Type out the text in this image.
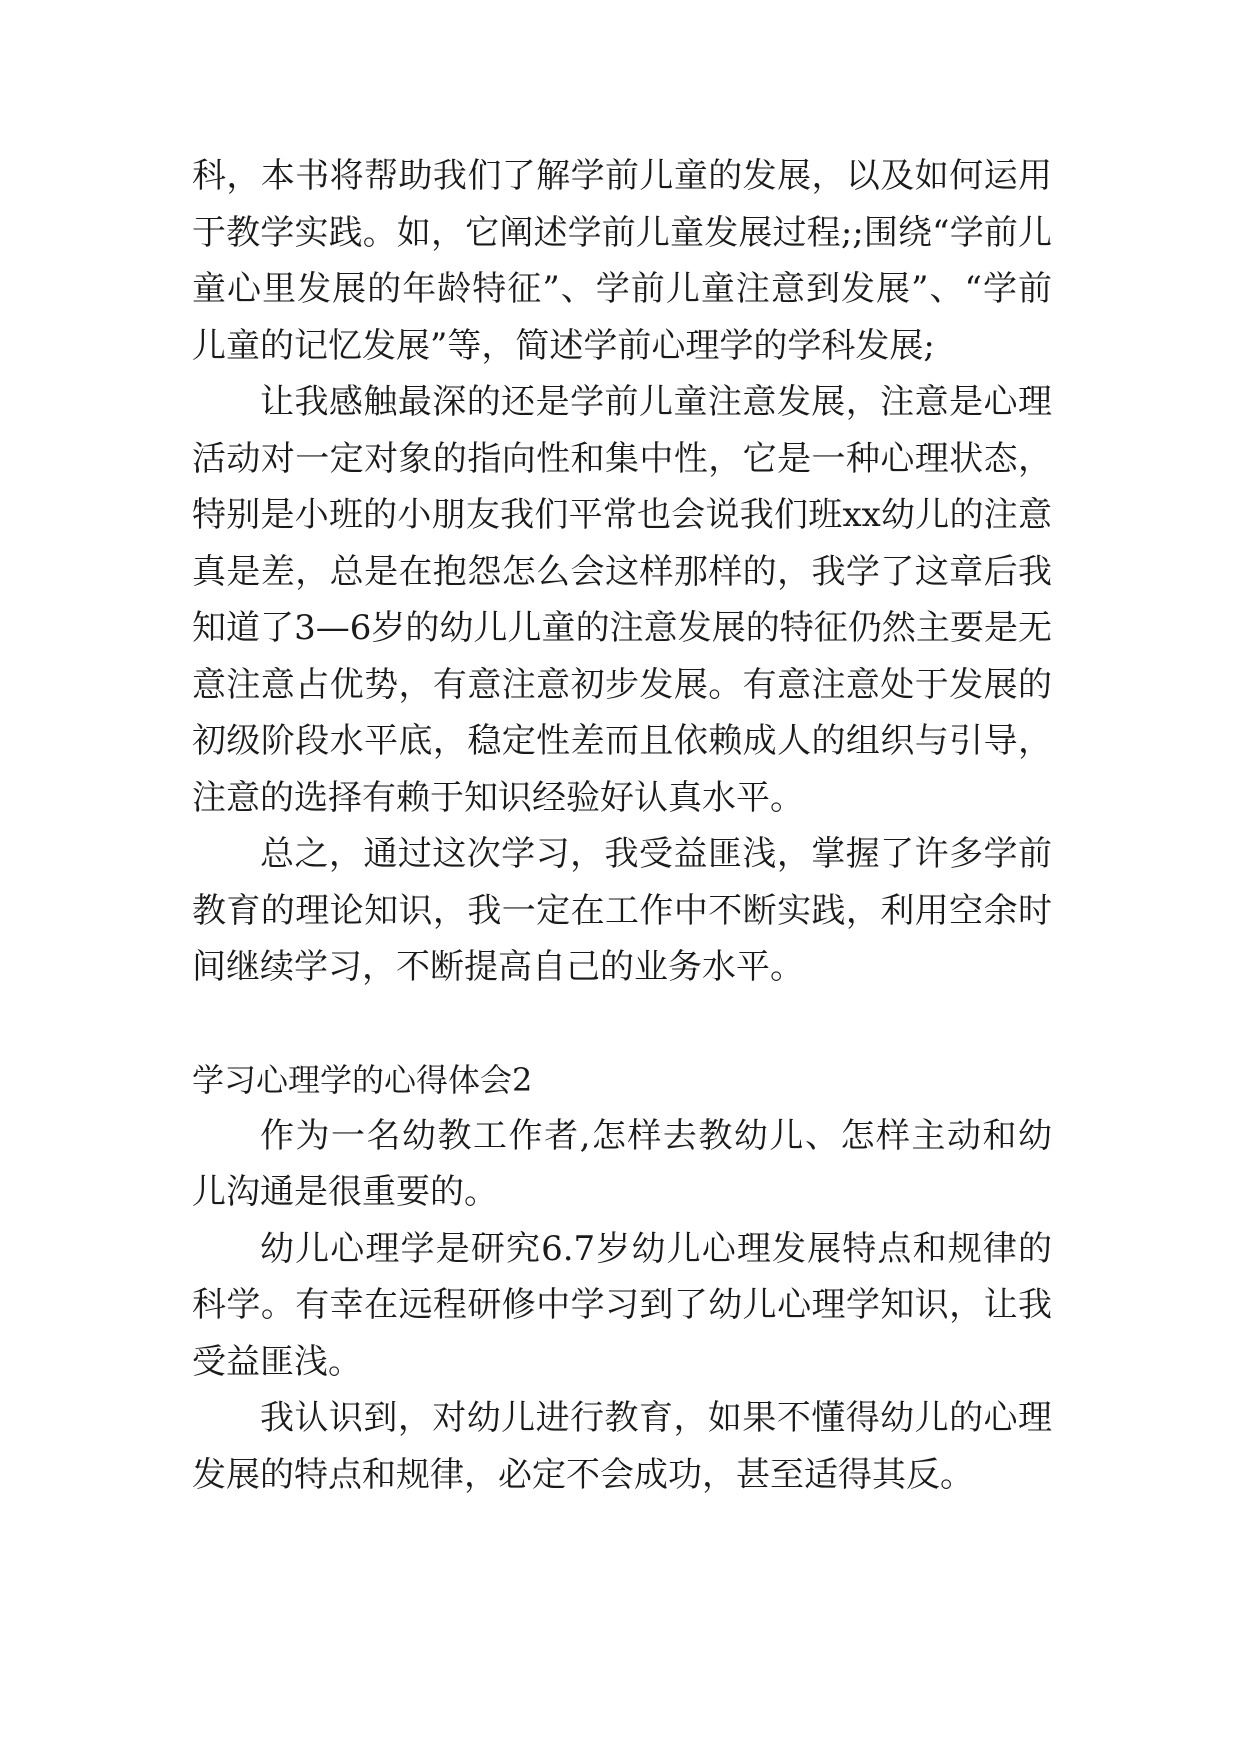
科，本书将帮助我们了解学前儿童的发展，以及如何运用于教学实践。如，它阐述学前儿童发展过程;;围绕“学前儿童心里发展的年龄特征”、学前儿童注意到发展”、“学前儿童的记忆发展”等，简述学前心理学的学科发展;

让我感触最深的还是学前儿童注意发展，注意是心理活动对一定对象的指向性和集中性，它是一种心理状态，特别是小班的小朋友我们平常也会说我们班xx幼儿的注意真是差，总是在抱怨怎么会这样那样的，我学了这章后我知道了3—6岁的幼儿儿童的注意发展的特征仍然主要是无意注意占优势，有意注意初步发展。有意注意处于发展的初级阶段水平底，稳定性差而且依赖成人的组织与引导，注意的选择有赖于知识经验好认真水平。

总之，通过这次学习，我受益匪浅，掌握了许多学前教育的理论知识，我一定在工作中不断实践，利用空余时间继续学习，不断提高自己的业务水平。

学习心理学的心得体会2

作为一名幼教工作者,怎样去教幼儿、怎样主动和幼儿沟通是很重要的。

幼儿心理学是研究6.7岁幼儿心理发展特点和规律的科学。有幸在远程研修中学习到了幼儿心理学知识，让我受益匪浅。

我认识到，对幼儿进行教育，如果不懂得幼儿的心理发展的特点和规律，必定不会成功，甚至适得其反。
